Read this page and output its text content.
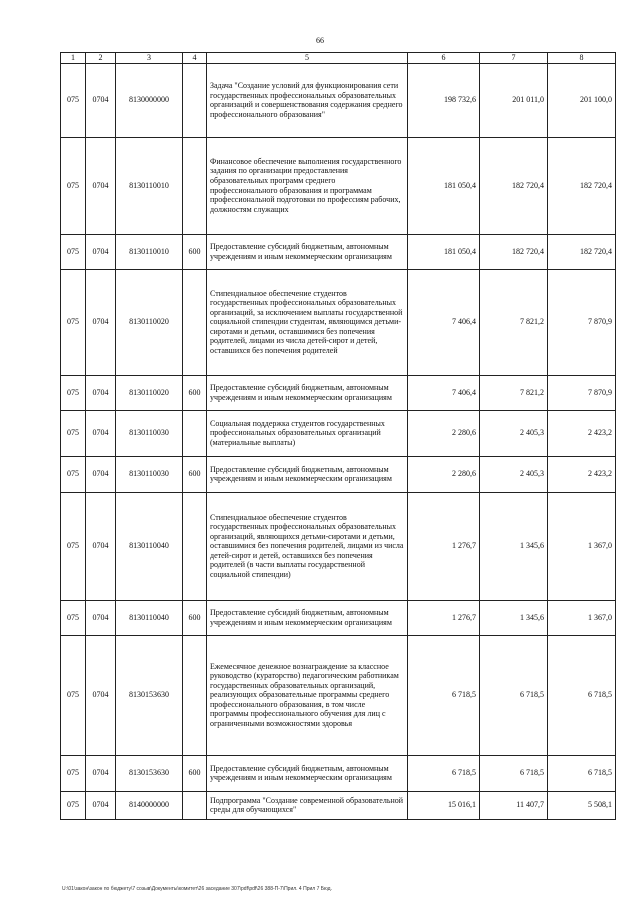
66
1	2	3	4	5	6	7	8
075	0704	8130000000		Задача "Создание условий для функционирования сети государственных профессиональных образовательных организаций и совершенствования содержания среднего профессионального образования"	198 732,6	201 011,0	201 100,0
075	0704	8130110010		Финансовое обеспечение выполнения государственного задания по организации предоставления образовательных программ среднего профессионального образования и программам профессиональной подготовки по профессиям рабочих, должностям служащих	181 050,4	182 720,4	182 720,4
075	0704	8130110010	600	Предоставление субсидий бюджетным, автономным учреждениям и иным некоммерческим организациям	181 050,4	182 720,4	182 720,4
075	0704	8130110020		Стипендиальное обеспечение студентов государственных профессиональных образовательных организаций, за исключением выплаты государственной социальной стипендии студентам, являющимся детьми-сиротами и детьми, оставшимися без попечения родителей, лицами из числа детей-сирот и детей, оставшихся без попечения родителей	7 406,4	7 821,2	7 870,9
075	0704	8130110020	600	Предоставление субсидий бюджетным, автономным учреждениям и иным некоммерческим организациям	7 406,4	7 821,2	7 870,9
075	0704	8130110030		Социальная поддержка студентов государственных профессиональных образовательных организаций (материальные выплаты)	2 280,6	2 405,3	2 423,2
075	0704	8130110030	600	Предоставление субсидий бюджетным, автономным учреждениям и иным некоммерческим организациям	2 280,6	2 405,3	2 423,2
075	0704	8130110040		Стипендиальное обеспечение студентов государственных профессиональных образовательных организаций, являющихся детьми-сиротами и детьми, оставшимися без попечения родителей, лицами из числа детей-сирот и детей, оставшихся без попечения родителей (в части выплаты государственной социальной стипендии)	1 276,7	1 345,6	1 367,0
075	0704	8130110040	600	Предоставление субсидий бюджетным, автономным учреждениям и иным некоммерческим организациям	1 276,7	1 345,6	1 367,0
075	0704	8130153630		Ежемесячное денежное вознаграждение за классное руководство (кураторство) педагогическим работникам государственных образовательных организаций, реализующих образовательные программы среднего профессионального образования, в том числе программы профессионального обучения для лиц с ограниченными возможностями здоровья	6 718,5	6 718,5	6 718,5
075	0704	8130153630	600	Предоставление субсидий бюджетным, автономным учреждениям и иным некоммерческим организациям	6 718,5	6 718,5	6 718,5
075	0704	8140000000		Подпрограмма "Создание современной образовательной среды для обучающихся"	15 016,1	11 407,7	5 508,1
U:\01\закон\закон по бюджету\7 созыв\Документы\комитет\26 заседание 307\pdf\pdf\26 388-П-7\Прил. 4 Прил 7 Бюд.
